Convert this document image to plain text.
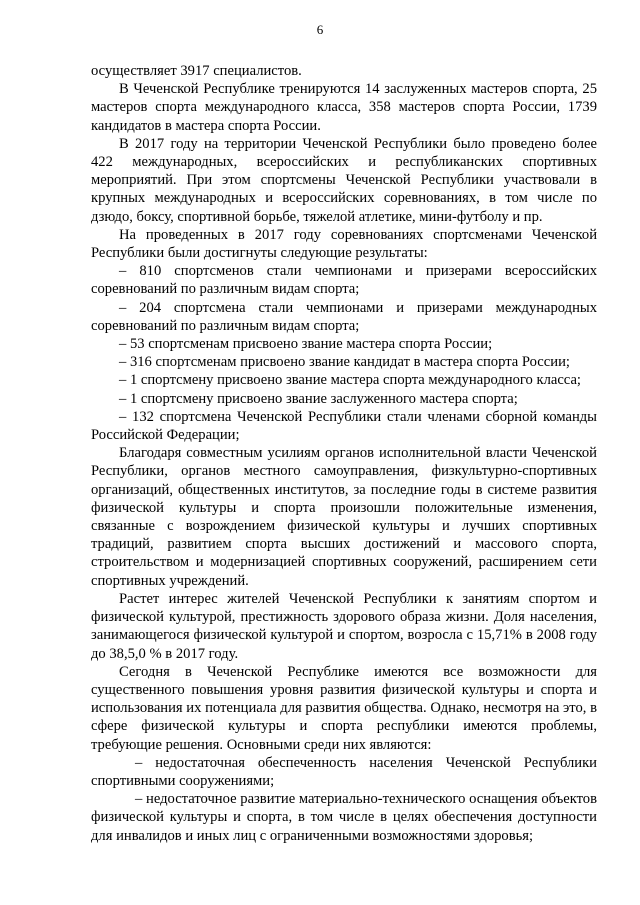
6

осуществляет 3917 специалистов.

В Чеченской Республике тренируются 14 заслуженных мастеров спорта, 25 мастеров спорта международного класса, 358 мастеров спорта России, 1739 кандидатов в мастера спорта России.

В 2017 году на территории Чеченской Республики было проведено более 422 международных, всероссийских и республиканских спортивных мероприятий. При этом спортсмены Чеченской Республики участвовали в крупных международных и всероссийских соревнованиях, в том числе по дзюдо, боксу, спортивной борьбе, тяжелой атлетике, мини-футболу и пр.

На проведенных в 2017 году соревнованиях спортсменами Чеченской Республики были достигнуты следующие результаты:

– 810 спортсменов стали чемпионами и призерами всероссийских соревнований по различным видам спорта;

– 204 спортсмена стали чемпионами и призерами международных соревнований по различным видам спорта;

– 53 спортсменам присвоено звание мастера спорта России;

– 316 спортсменам присвоено звание кандидат в мастера спорта России;

– 1 спортсмену присвоено звание мастера спорта международного класса;

– 1 спортсмену присвоено звание заслуженного мастера спорта;

– 132 спортсмена Чеченской Республики стали членами сборной команды Российской Федерации;

Благодаря совместным усилиям органов исполнительной власти Чеченской Республики, органов местного самоуправления, физкультурно-спортивных организаций, общественных институтов, за последние годы в системе развития физической культуры и спорта произошли положительные изменения, связанные с возрождением физической культуры и лучших спортивных традиций, развитием спорта высших достижений и массового спорта, строительством и модернизацией спортивных сооружений, расширением сети спортивных учреждений.

Растет интерес жителей Чеченской Республики к занятиям спортом и физической культурой, престижность здорового образа жизни. Доля населения, занимающегося физической культурой и спортом, возросла с 15,71% в 2008 году до 38,5,0 % в 2017 году.

Сегодня в Чеченской Республике имеются все возможности для существенного повышения уровня развития физической культуры и спорта и использования их потенциала для развития общества. Однако, несмотря на это, в сфере физической культуры и спорта республики имеются проблемы, требующие решения. Основными среди них являются:

– недостаточная обеспеченность населения Чеченской Республики спортивными сооружениями;

– недостаточное развитие материально-технического оснащения объектов физической культуры и спорта, в том числе в целях обеспечения доступности для инвалидов и иных лиц с ограниченными возможностями здоровья;
